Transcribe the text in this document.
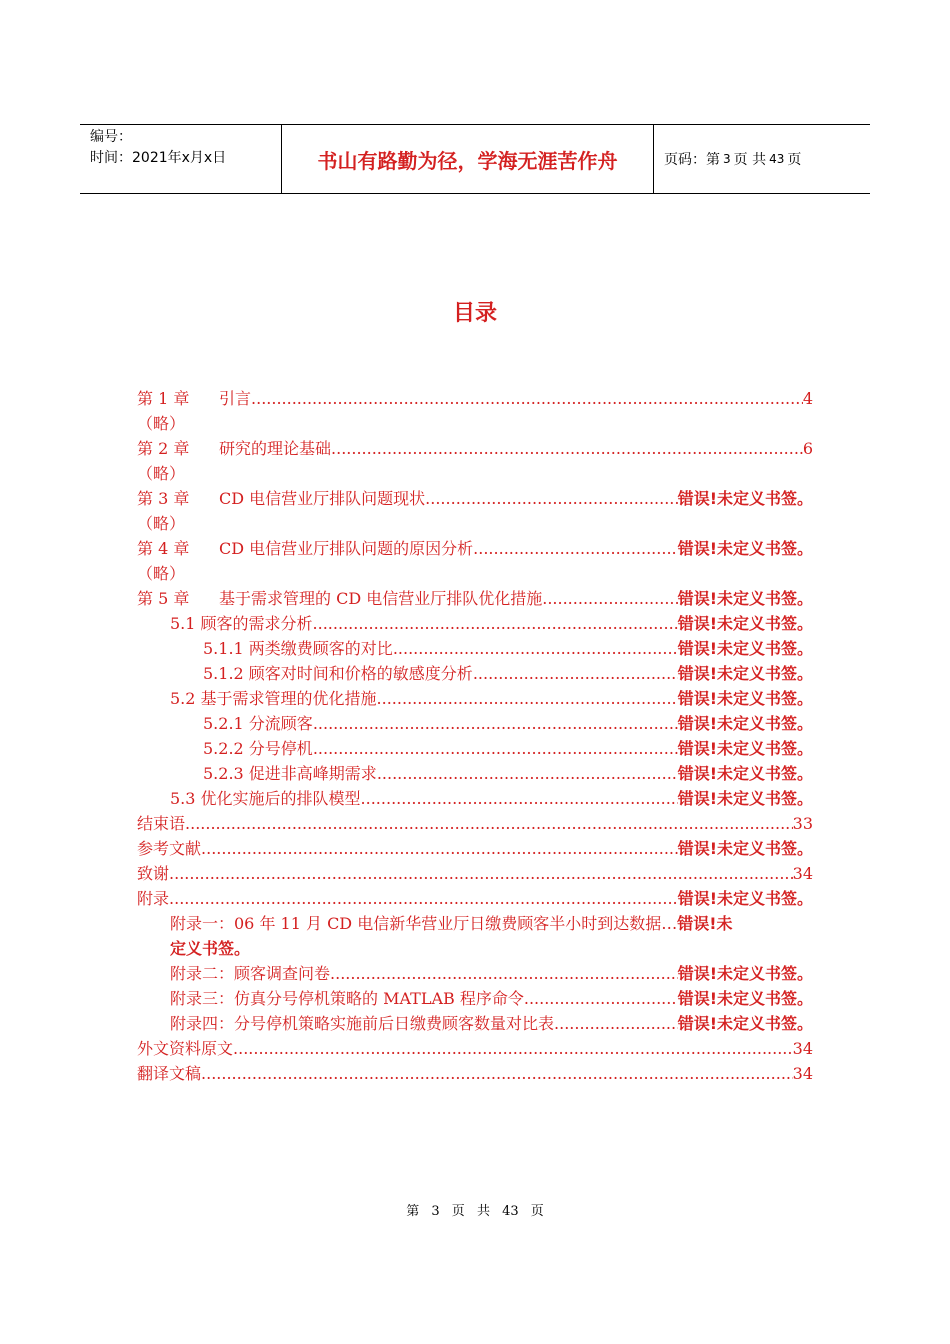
编号：
时间：2021年x月x日	书山有路勤为径，学海无涯苦作舟	页码：第 3 页 共 43 页
目录
第 1 章 引言 .....	4
（略）
第 2 章 研究的理论基础 .....	6
（略）
第 3 章 CD 电信营业厅排队问题现状 .....	错误!未定义书签。
（略）
第 4 章 CD 电信营业厅排队问题的原因分析 .....	错误!未定义书签。
（略）
第 5 章 基于需求管理的 CD 电信营业厅排队优化措施 .....	错误!未定义书签。
5.1 顾客的需求分析 .....	错误!未定义书签。
5.1.1 两类缴费顾客的对比 .....	错误!未定义书签。
5.1.2 顾客对时间和价格的敏感度分析 .....	错误!未定义书签。
5.2 基于需求管理的优化措施 .....	错误!未定义书签。
5.2.1 分流顾客 .....	错误!未定义书签。
5.2.2 分号停机 .....	错误!未定义书签。
5.2.3 促进非高峰期需求 .....	错误!未定义书签。
5.3 优化实施后的排队模型 .....	错误!未定义书签。
结束语 .....	33
参考文献 .....	错误!未定义书签。
致谢 .....	34
附录 .....	错误!未定义书签。
附录一：06 年 11 月 CD 电信新华营业厅日缴费顾客半小时到达数据… 错误!未
定义书签。
附录二：顾客调查问卷 .....	错误!未定义书签。
附录三：仿真分号停机策略的 MATLAB 程序命令 .....	错误!未定义书签。
附录四：分号停机策略实施前后日缴费顾客数量对比表 .....	错误!未定义书签。
外文资料原文 .....	34
翻译文稿 .....	34
第 3 页 共 43 页
